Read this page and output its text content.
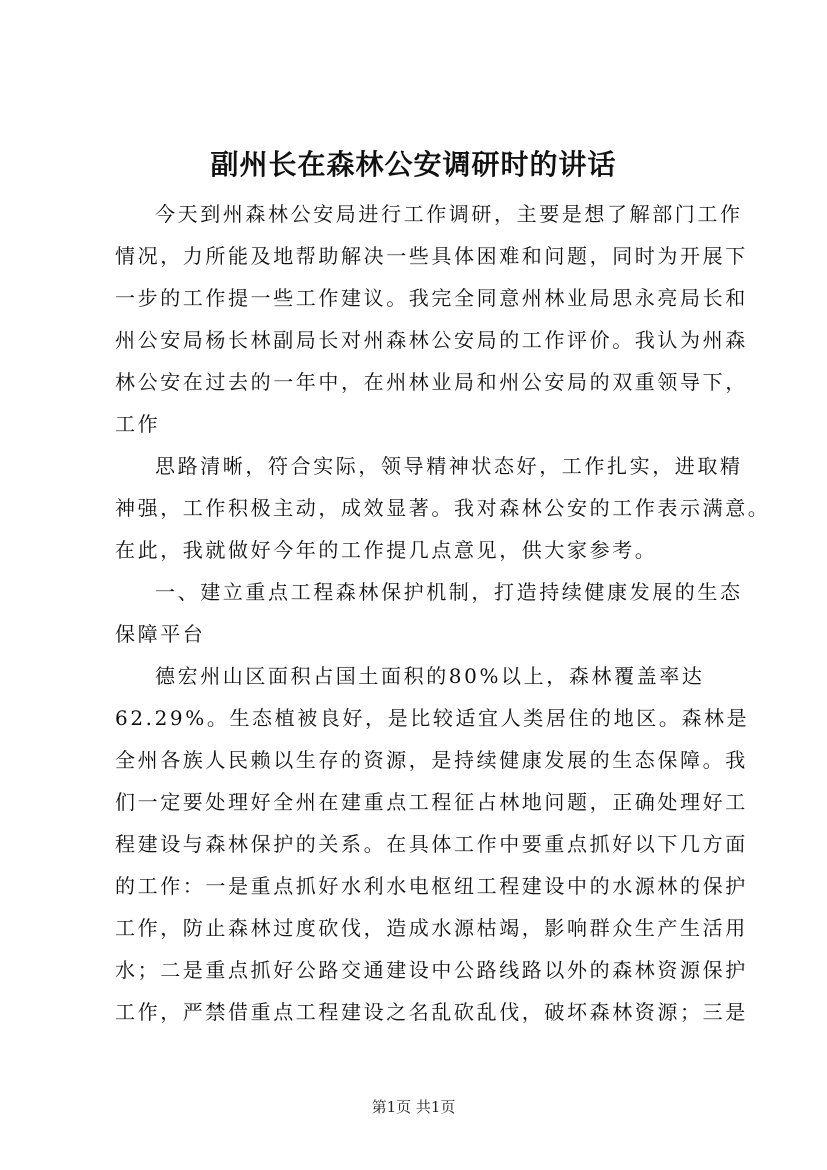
副州长在森林公安调研时的讲话

今天到州森林公安局进行工作调研，主要是想了解部门工作

情况，力所能及地帮助解决一些具体困难和问题，同时为开展下

一步的工作提一些工作建议。我完全同意州林业局思永亮局长和

州公安局杨长林副局长对州森林公安局的工作评价。我认为州森

林公安在过去的一年中，在州林业局和州公安局的双重领导下，

工作

思路清晰，符合实际，领导精神状态好，工作扎实，进取精

神强，工作积极主动，成效显著。我对森林公安的工作表示满意。

在此，我就做好今年的工作提几点意见，供大家参考。

一、建立重点工程森林保护机制，打造持续健康发展的生态

保障平台

德宏州山区面积占国土面积的80%以上，森林覆盖率达

62.29%。生态植被良好，是比较适宜人类居住的地区。森林是

全州各族人民赖以生存的资源，是持续健康发展的生态保障。我

们一定要处理好全州在建重点工程征占林地问题，正确处理好工

程建设与森林保护的关系。在具体工作中要重点抓好以下几方面

的工作：一是重点抓好水利水电枢纽工程建设中的水源林的保护

工作，防止森林过度砍伐，造成水源枯竭，影响群众生产生活用

水；二是重点抓好公路交通建设中公路线路以外的森林资源保护

工作，严禁借重点工程建设之名乱砍乱伐，破坏森林资源；三是

第1页 共1页
